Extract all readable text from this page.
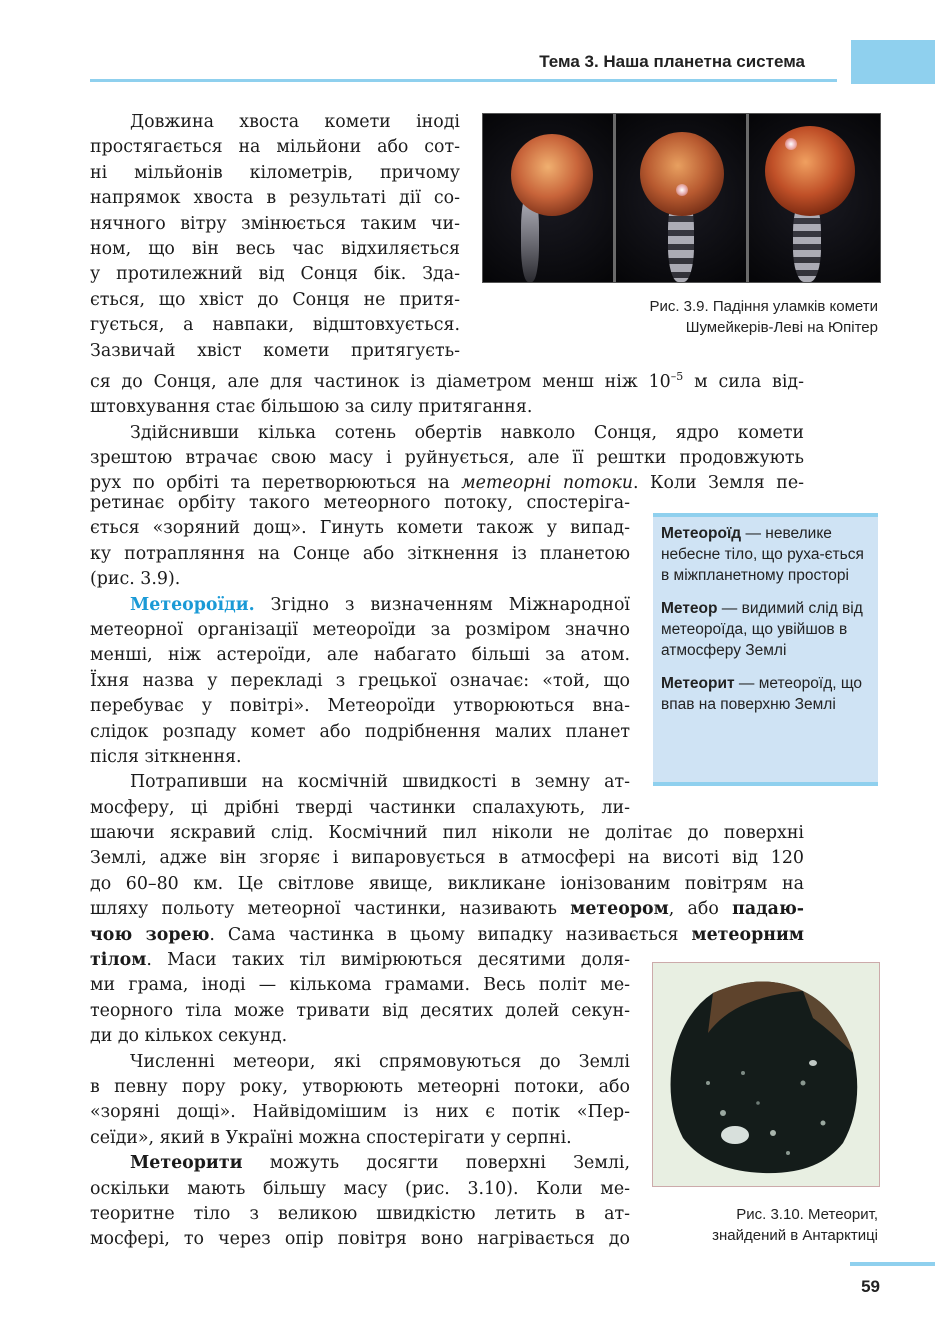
Тема 3. Наша планетна система

Довжина хвоста комети іноді

простягається на мільйони або сот-

ні мільйонів кілометрів, причому

напрямок хвоста в результаті дії со-

нячного вітру змінюється таким чи-

ном, що він весь час відхиляється

у протилежний від Сонця бік. Зда-

ється, що хвіст до Сонця не притя-

гується, а навпаки, відштовхується.

Зазвичай хвіст комети притягуєть-

ся до Сонця, але для частинок із діаметром менш ніж $10^{-5}$ м сила від-

штовхування стає більшою за силу притягання.

Здійснивши кілька сотень обертів навколо Сонця, ядро комети

зрештою втрачає свою масу і руйнується, але її рештки продовжують

рух по орбіті та перетворюються на метеорні потоки. Коли Земля пе-

ретинає орбіту такого метеорного потоку, спостеріга-

ється «зоряний дощ». Гинуть комети також у випад-

ку потрапляння на Сонце або зіткнення із планетою

(рис. 3.9).

Метеороїди. Згідно з визначенням Міжнародної

метеорної організації метеороїди за розміром значно

менші, ніж астероїди, але набагато більші за атом.

Їхня назва у перекладі з грецької означає: «той, що

перебуває у повітрі». Метеороїди утворюються вна-

слідок розпаду комет або подрібнення малих планет

після зіткнення.

Потрапивши на космічній швидкості в земну ат-

мосферу, ці дрібні тверді частинки спалахують, ли-

шаючи яскравий слід. Космічний пил ніколи не долітає до поверхні

Землі, адже він згоряє і випаровується в атмосфері на висоті від 120

до 60–80 км. Це світлове явище, викликане іонізованим повітрям на

шляху польоту метеорної частинки, називають метеором, або падаю-

чою зорею. Сама частинка в цьому випадку називається метеорним

тілом. Маси таких тіл вимірюються десятими доля-

ми грама, іноді — кількома грамами. Весь політ ме-

теорного тіла може тривати від десятих долей секун-

ди до кількох секунд.

Численні метеори, які спрямовуються до Землі

в певну пору року, утворюють метеорні потоки, або

«зоряні дощі». Найвідомішим із них є потік «Пер-

сеїди», який в Україні можна спостерігати у серпні.

Метеорити можуть досягти поверхні Землі,

оскільки мають більшу масу (рис. 3.10). Коли ме-

теоритне тіло з великою швидкістю летить в ат-

мосфері, то через опір повітря воно нагрівається до

Рис. 3.9. Падіння уламків комети
Шумейкерів-Леві на Юпітер

Метеороїд — невелике небесне тіло, що руха-ється в міжпланетному просторі

Метеор — видимий слід від метеороїда, що увійшов в атмосферу Землі

Метеорит — метеороїд, що впав на поверхню Землі

Рис. 3.10. Метеорит,
знайдений в Антарктиці
59
